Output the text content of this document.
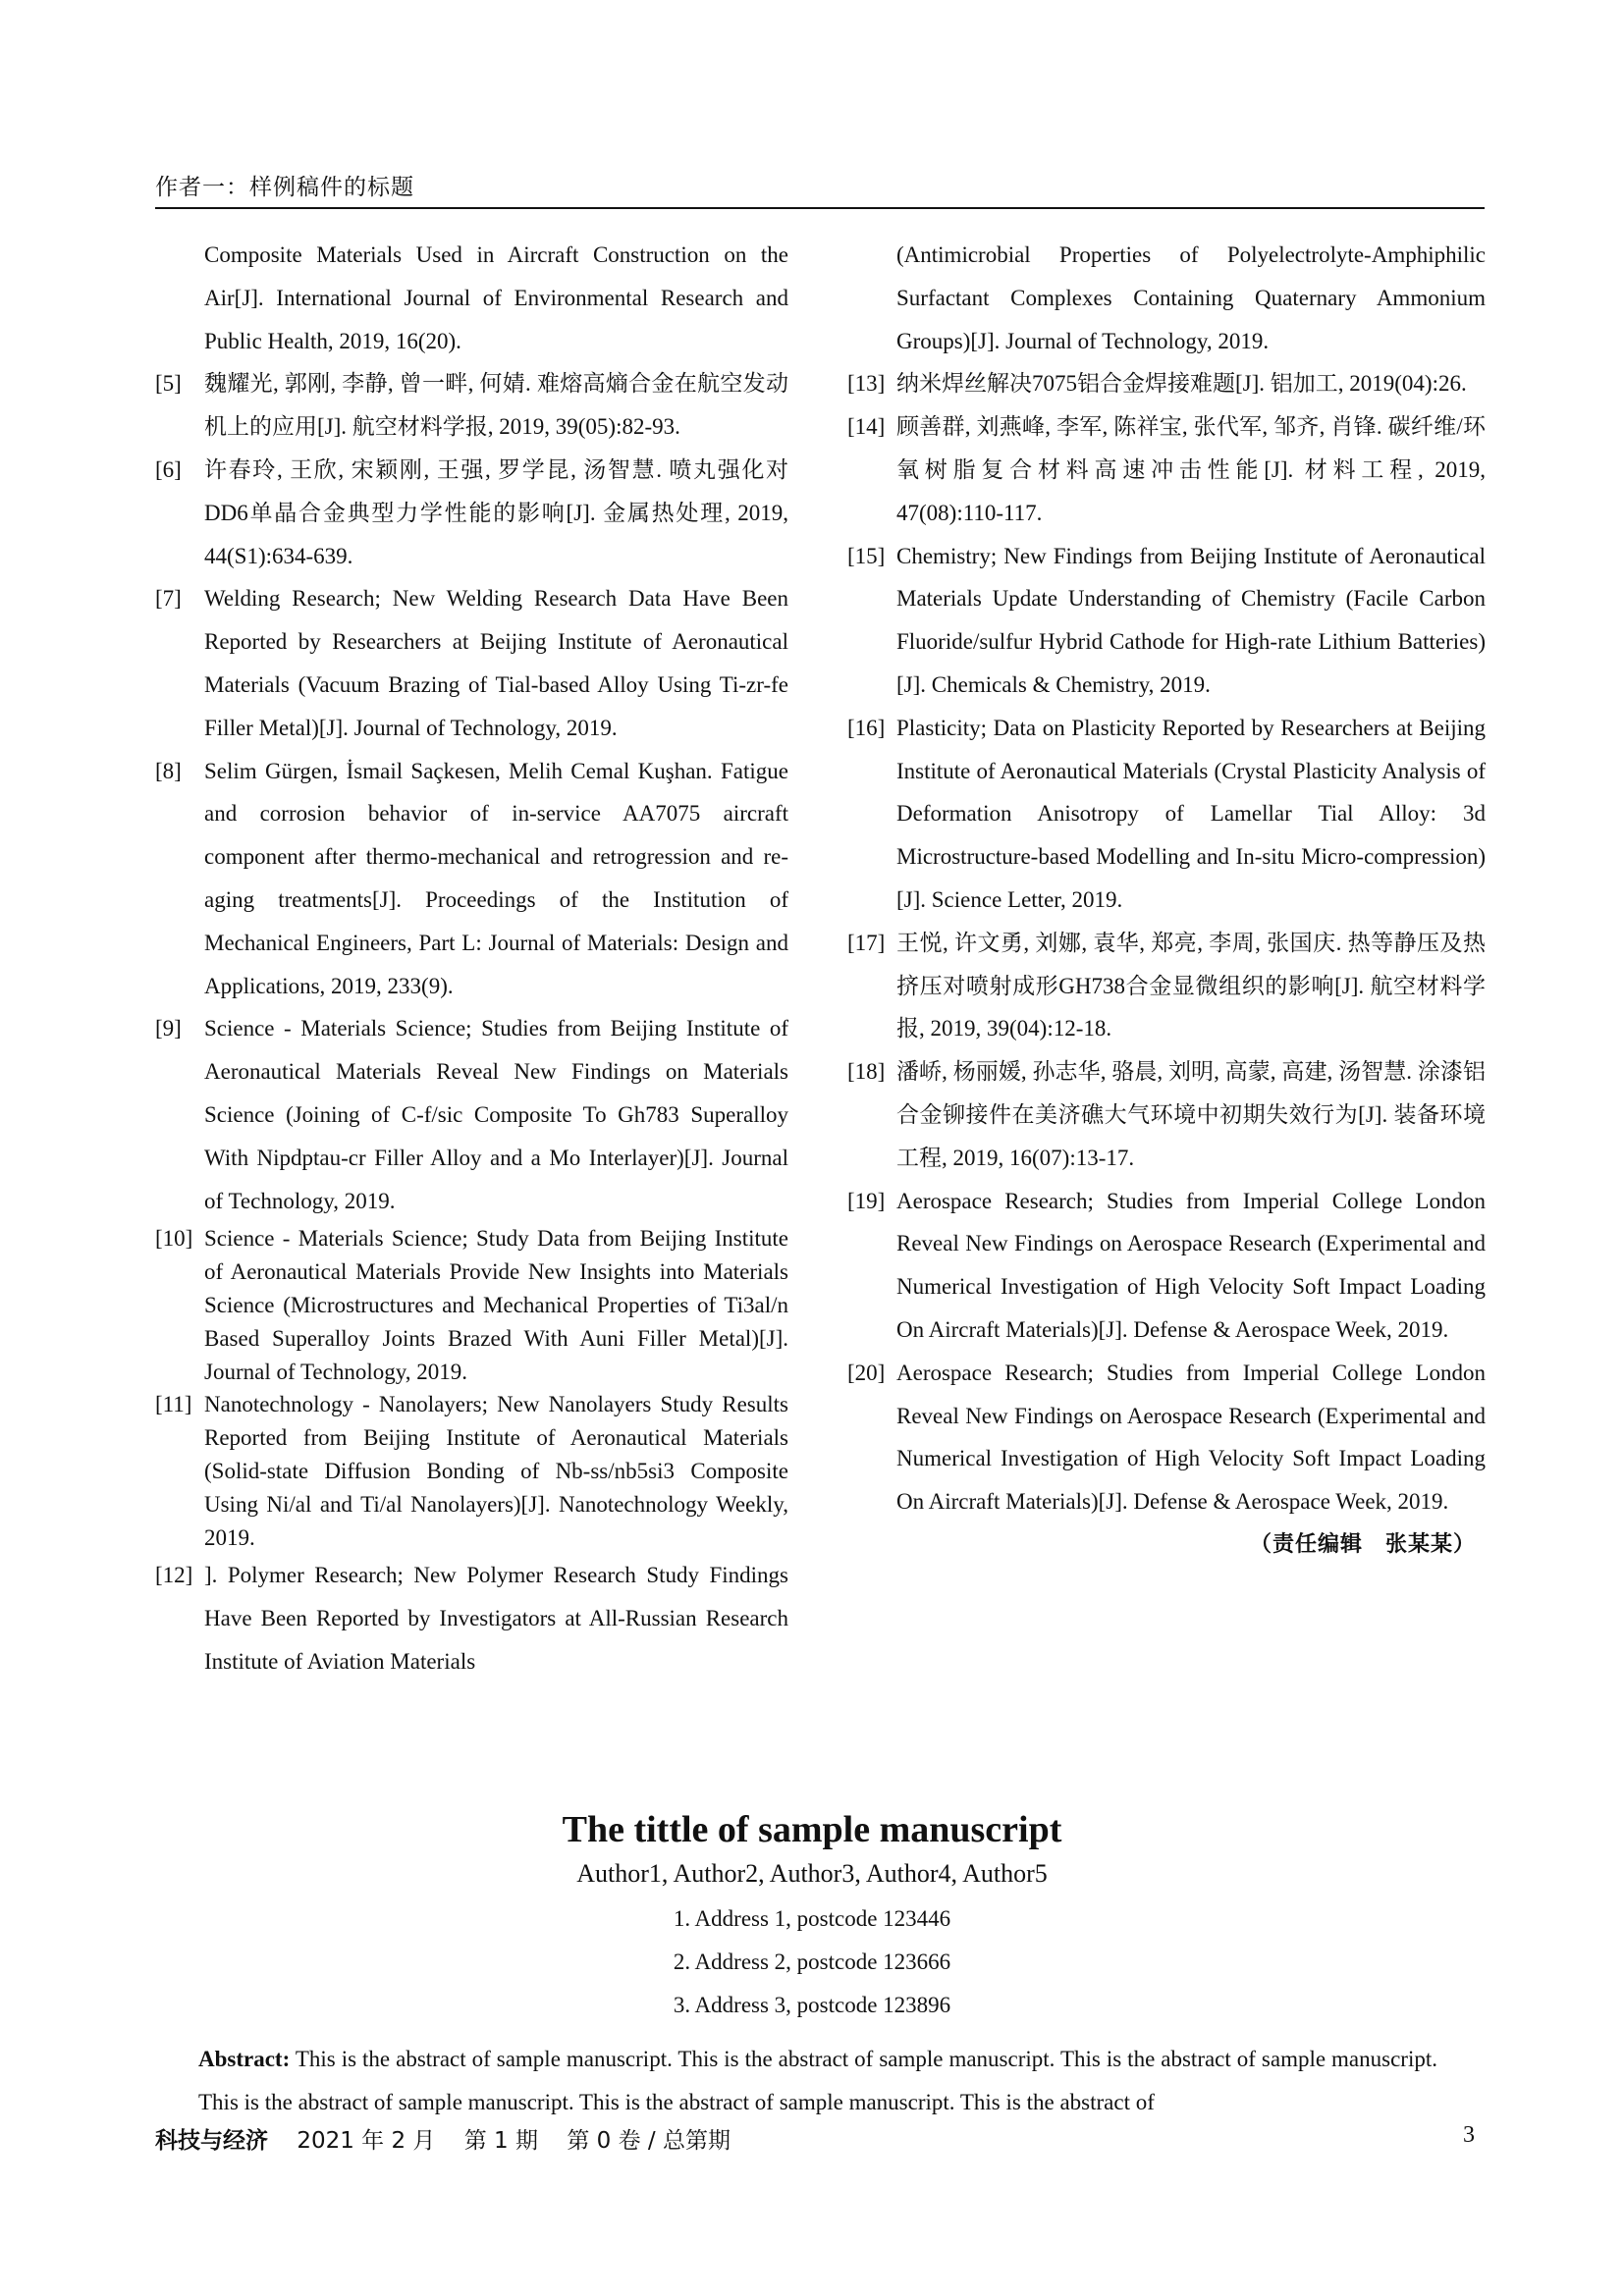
作者一：样例稿件的标题
Composite Materials Used in Aircraft Construction on the Air[J]. International Journal of Environmental Research and Public Health, 2019, 16(20).
[5] 魏耀光, 郭刚, 李静, 曾一畔, 何婧. 难熔高熵合金在航空发动机上的应用[J]. 航空材料学报, 2019, 39(05):82-93.
[6] 许春玲, 王欣, 宋颖刚, 王强, 罗学昆, 汤智慧. 喷丸强化对DD6单晶合金典型力学性能的影响[J]. 金属热处理, 2019, 44(S1):634-639.
[7] Welding Research; New Welding Research Data Have Been Reported by Researchers at Beijing Institute of Aeronautical Materials (Vacuum Brazing of Tial-based Alloy Using Ti-zr-fe Filler Metal)[J]. Journal of Technology, 2019.
[8] Selim Gürgen, İsmail Saçkesen, Melih Cemal Kuşhan. Fatigue and corrosion behavior of in-service AA7075 aircraft component after thermo-mechanical and retrogression and re-aging treatments[J]. Proceedings of the Institution of Mechanical Engineers, Part L: Journal of Materials: Design and Applications, 2019, 233(9).
[9] Science - Materials Science; Studies from Beijing Institute of Aeronautical Materials Reveal New Findings on Materials Science (Joining of C-f/sic Composite To Gh783 Superalloy With Nipdptau-cr Filler Alloy and a Mo Interlayer)[J]. Journal of Technology, 2019.
[10] Science - Materials Science; Study Data from Beijing Institute of Aeronautical Materials Provide New Insights into Materials Science (Microstructures and Mechanical Properties of Ti3al/n Based Superalloy Joints Brazed With Auni Filler Metal)[J]. Journal of Technology, 2019.
[11] Nanotechnology - Nanolayers; New Nanolayers Study Results Reported from Beijing Institute of Aeronautical Materials (Solid-state Diffusion Bonding of Nb-ss/nb5si3 Composite Using Ni/al and Ti/al Nanolayers)[J]. Nanotechnology Weekly, 2019.
[12] ]. Polymer Research; New Polymer Research Study Findings Have Been Reported by Investigators at All-Russian Research Institute of Aviation Materials
(Antimicrobial Properties of Polyelectrolyte-Amphiphilic Surfactant Complexes Containing Quaternary Ammonium Groups)[J]. Journal of Technology, 2019.
[13] 纳米焊丝解决7075铝合金焊接难题[J]. 铝加工, 2019(04):26.
[14] 顾善群, 刘燕峰, 李军, 陈祥宝, 张代军, 邹齐, 肖锋. 碳纤维/环氧树脂复合材料高速冲击性能[J]. 材料工程, 2019, 47(08):110-117.
[15] Chemistry; New Findings from Beijing Institute of Aeronautical Materials Update Understanding of Chemistry (Facile Carbon Fluoride/sulfur Hybrid Cathode for High-rate Lithium Batteries)[J]. Chemicals & Chemistry, 2019.
[16] Plasticity; Data on Plasticity Reported by Researchers at Beijing Institute of Aeronautical Materials (Crystal Plasticity Analysis of Deformation Anisotropy of Lamellar Tial Alloy: 3d Microstructure-based Modelling and In-situ Micro-compression)[J]. Science Letter, 2019.
[17] 王悦, 许文勇, 刘娜, 袁华, 郑亮, 李周, 张国庆. 热等静压及热挤压对喷射成形GH738合金显微组织的影响[J]. 航空材料学报, 2019, 39(04):12-18.
[18] 潘峤, 杨丽媛, 孙志华, 骆晨, 刘明, 高蒙, 高建, 汤智慧. 涂漆铝合金铆接件在美济礁大气环境中初期失效行为[J]. 装备环境工程, 2019, 16(07):13-17.
[19] Aerospace Research; Studies from Imperial College London Reveal New Findings on Aerospace Research (Experimental and Numerical Investigation of High Velocity Soft Impact Loading On Aircraft Materials)[J]. Defense & Aerospace Week, 2019.
[20] Aerospace Research; Studies from Imperial College London Reveal New Findings on Aerospace Research (Experimental and Numerical Investigation of High Velocity Soft Impact Loading On Aircraft Materials)[J]. Defense & Aerospace Week, 2019.
（责任编辑　张某某）
The tittle of sample manuscript
Author1, Author2, Author3, Author4, Author5
1. Address 1, postcode 123446
2. Address 2, postcode 123666
3. Address 3, postcode 123896
Abstract: This is the abstract of sample manuscript. This is the abstract of sample manuscript. This is the abstract of sample manuscript. This is the abstract of sample manuscript. This is the abstract of sample manuscript. This is the abstract of
科技与经济 2021 年 2 月 第 1 期 第 0 卷 / 总第期	3
